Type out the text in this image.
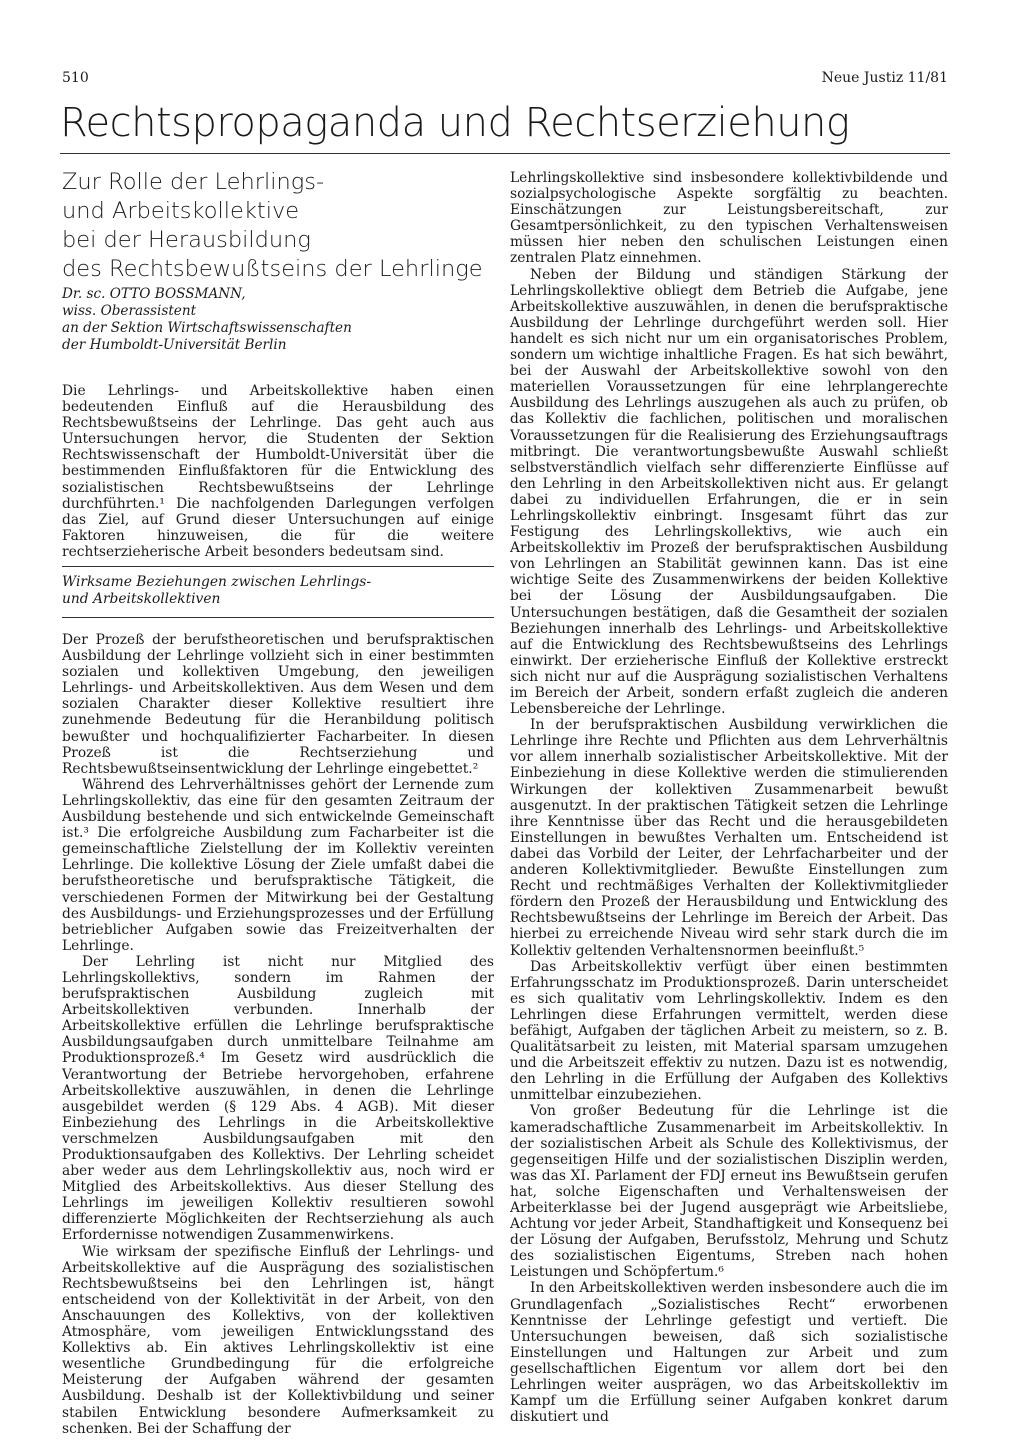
510	Neue Justiz 11/81
Rechtspropaganda und Rechtserziehung
Zur Rolle der Lehrlings-
und Arbeitskollektive
bei der Herausbildung
des Rechtsbewußtseins der Lehrlinge
Dr. sc. OTTO BOSSMANN,
wiss. Oberassistent
an der Sektion Wirtschaftswissenschaften
der Humboldt-Universität Berlin

Die Lehrlings- und Arbeitskollektive haben einen bedeutenden Einfluß auf die Herausbildung des Rechtsbewußtseins der Lehrlinge. Das geht auch aus Untersuchungen hervor, die Studenten der Sektion Rechtswissenschaft der Humboldt-Universität über die bestimmenden Einflußfaktoren für die Entwicklung des sozialistischen Rechtsbewußtseins der Lehrlinge durchführten.¹ Die nachfolgenden Darlegungen verfolgen das Ziel, auf Grund dieser Untersuchungen auf einige Faktoren hinzuweisen, die für die weitere rechtserzieherische Arbeit besonders bedeutsam sind.

Wirksame Beziehungen zwischen Lehrlings-
und Arbeitskollektiven

Der Prozeß der berufstheoretischen und berufspraktischen Ausbildung der Lehrlinge vollzieht sich in einer bestimmten sozialen und kollektiven Umgebung, den jeweiligen Lehrlings- und Arbeitskollektiven. Aus dem Wesen und dem sozialen Charakter dieser Kollektive resultiert ihre zunehmende Bedeutung für die Heranbildung politisch bewußter und hochqualifizierter Facharbeiter. In diesen Prozeß ist die Rechtserziehung und Rechtsbewußtseinsentwicklung der Lehrlinge eingebettet.²

Während des Lehrverhältnisses gehört der Lernende zum Lehrlingskollektiv, das eine für den gesamten Zeitraum der Ausbildung bestehende und sich entwickelnde Gemeinschaft ist.³ Die erfolgreiche Ausbildung zum Facharbeiter ist die gemeinschaftliche Zielstellung der im Kollektiv vereinten Lehrlinge. Die kollektive Lösung der Ziele umfaßt dabei die berufstheoretische und berufspraktische Tätigkeit, die verschiedenen Formen der Mitwirkung bei der Gestaltung des Ausbildungs- und Erziehungsprozesses und der Erfüllung betrieblicher Aufgaben sowie das Freizeitverhalten der Lehrlinge.

Der Lehrling ist nicht nur Mitglied des Lehrlingskollektivs, sondern im Rahmen der berufspraktischen Ausbildung zugleich mit Arbeitskollektiven verbunden. Innerhalb der Arbeitskollektive erfüllen die Lehrlinge berufspraktische Ausbildungsaufgaben durch unmittelbare Teilnahme am Produktionsprozeß.⁴ Im Gesetz wird ausdrücklich die Verantwortung der Betriebe hervorgehoben, erfahrene Arbeitskollektive auszuwählen, in denen die Lehrlinge ausgebildet werden (§ 129 Abs. 4 AGB). Mit dieser Einbeziehung des Lehrlings in die Arbeitskollektive verschmelzen Ausbildungsaufgaben mit den Produktionsaufgaben des Kollektivs. Der Lehrling scheidet aber weder aus dem Lehrlingskollektiv aus, noch wird er Mitglied des Arbeitskollektivs. Aus dieser Stellung des Lehrlings im jeweiligen Kollektiv resultieren sowohl differenzierte Möglichkeiten der Rechtserziehung als auch Erfordernisse notwendigen Zusammenwirkens.

Wie wirksam der spezifische Einfluß der Lehrlings- und Arbeitskollektive auf die Ausprägung des sozialistischen Rechtsbewußtseins bei den Lehrlingen ist, hängt entscheidend von der Kollektivität in der Arbeit, von den Anschauungen des Kollektivs, von der kollektiven Atmosphäre, vom jeweiligen Entwicklungsstand des Kollektivs ab. Ein aktives Lehrlingskollektiv ist eine wesentliche Grundbedingung für die erfolgreiche Meisterung der Aufgaben während der gesamten Ausbildung. Deshalb ist der Kollektivbildung und seiner stabilen Entwicklung besondere Aufmerksamkeit zu schenken. Bei der Schaffung der

Lehrlingskollektive sind insbesondere kollektivbildende und sozialpsychologische Aspekte sorgfältig zu beachten. Einschätzungen zur Leistungsbereitschaft, zur Gesamtpersönlichkeit, zu den typischen Verhaltensweisen müssen hier neben den schulischen Leistungen einen zentralen Platz einnehmen.

Neben der Bildung und ständigen Stärkung der Lehrlingskollektive obliegt dem Betrieb die Aufgabe, jene Arbeitskollektive auszuwählen, in denen die berufspraktische Ausbildung der Lehrlinge durchgeführt werden soll. Hier handelt es sich nicht nur um ein organisatorisches Problem, sondern um wichtige inhaltliche Fragen. Es hat sich bewährt, bei der Auswahl der Arbeitskollektive sowohl von den materiellen Voraussetzungen für eine lehrplangerechte Ausbildung des Lehrlings auszugehen als auch zu prüfen, ob das Kollektiv die fachlichen, politischen und moralischen Voraussetzungen für die Realisierung des Erziehungsauftrags mitbringt. Die verantwortungsbewußte Auswahl schließt selbstverständlich vielfach sehr differenzierte Einflüsse auf den Lehrling in den Arbeitskollektiven nicht aus. Er gelangt dabei zu individuellen Erfahrungen, die er in sein Lehrlingskollektiv einbringt. Insgesamt führt das zur Festigung des Lehrlingskollektivs, wie auch ein Arbeitskollektiv im Prozeß der berufspraktischen Ausbildung von Lehrlingen an Stabilität gewinnen kann. Das ist eine wichtige Seite des Zusammenwirkens der beiden Kollektive bei der Lösung der Ausbildungsaufgaben. Die Untersuchungen bestätigen, daß die Gesamtheit der sozialen Beziehungen innerhalb des Lehrlings- und Arbeitskollektive auf die Entwicklung des Rechtsbewußtseins des Lehrlings einwirkt. Der erzieherische Einfluß der Kollektive erstreckt sich nicht nur auf die Ausprägung sozialistischen Verhaltens im Bereich der Arbeit, sondern erfaßt zugleich die anderen Lebensbereiche der Lehrlinge.

In der berufspraktischen Ausbildung verwirklichen die Lehrlinge ihre Rechte und Pflichten aus dem Lehrverhältnis vor allem innerhalb sozialistischer Arbeitskollektive. Mit der Einbeziehung in diese Kollektive werden die stimulierenden Wirkungen der kollektiven Zusammenarbeit bewußt ausgenutzt. In der praktischen Tätigkeit setzen die Lehrlinge ihre Kenntnisse über das Recht und die herausgebildeten Einstellungen in bewußtes Verhalten um. Entscheidend ist dabei das Vorbild der Leiter, der Lehrfacharbeiter und der anderen Kollektivmitglieder. Bewußte Einstellungen zum Recht und rechtmäßiges Verhalten der Kollektivmitglieder fördern den Prozeß der Herausbildung und Entwicklung des Rechtsbewußtseins der Lehrlinge im Bereich der Arbeit. Das hierbei zu erreichende Niveau wird sehr stark durch die im Kollektiv geltenden Verhaltensnormen beeinflußt.⁵

Das Arbeitskollektiv verfügt über einen bestimmten Erfahrungsschatz im Produktionsprozeß. Darin unterscheidet es sich qualitativ vom Lehrlingskollektiv. Indem es den Lehrlingen diese Erfahrungen vermittelt, werden diese befähigt, Aufgaben der täglichen Arbeit zu meistern, so z. B. Qualitätsarbeit zu leisten, mit Material sparsam umzugehen und die Arbeitszeit effektiv zu nutzen. Dazu ist es notwendig, den Lehrling in die Erfüllung der Aufgaben des Kollektivs unmittelbar einzubeziehen.

Von großer Bedeutung für die Lehrlinge ist die kameradschaftliche Zusammenarbeit im Arbeitskollektiv. In der sozialistischen Arbeit als Schule des Kollektivismus, der gegenseitigen Hilfe und der sozialistischen Disziplin werden, was das XI. Parlament der FDJ erneut ins Bewußtsein gerufen hat, solche Eigenschaften und Verhaltensweisen der Arbeiterklasse bei der Jugend ausgeprägt wie Arbeitsliebe, Achtung vor jeder Arbeit, Standhaftigkeit und Konsequenz bei der Lösung der Aufgaben, Berufsstolz, Mehrung und Schutz des sozialistischen Eigentums, Streben nach hohen Leistungen und Schöpfertum.⁶

In den Arbeitskollektiven werden insbesondere auch die im Grundlagenfach „Sozialistisches Recht“ erworbenen Kenntnisse der Lehrlinge gefestigt und vertieft. Die Untersuchungen beweisen, daß sich sozialistische Einstellungen und Haltungen zur Arbeit und zum gesellschaftlichen Eigentum vor allem dort bei den Lehrlingen weiter ausprägen, wo das Arbeitskollektiv im Kampf um die Erfüllung seiner Aufgaben konkret darum diskutiert und
